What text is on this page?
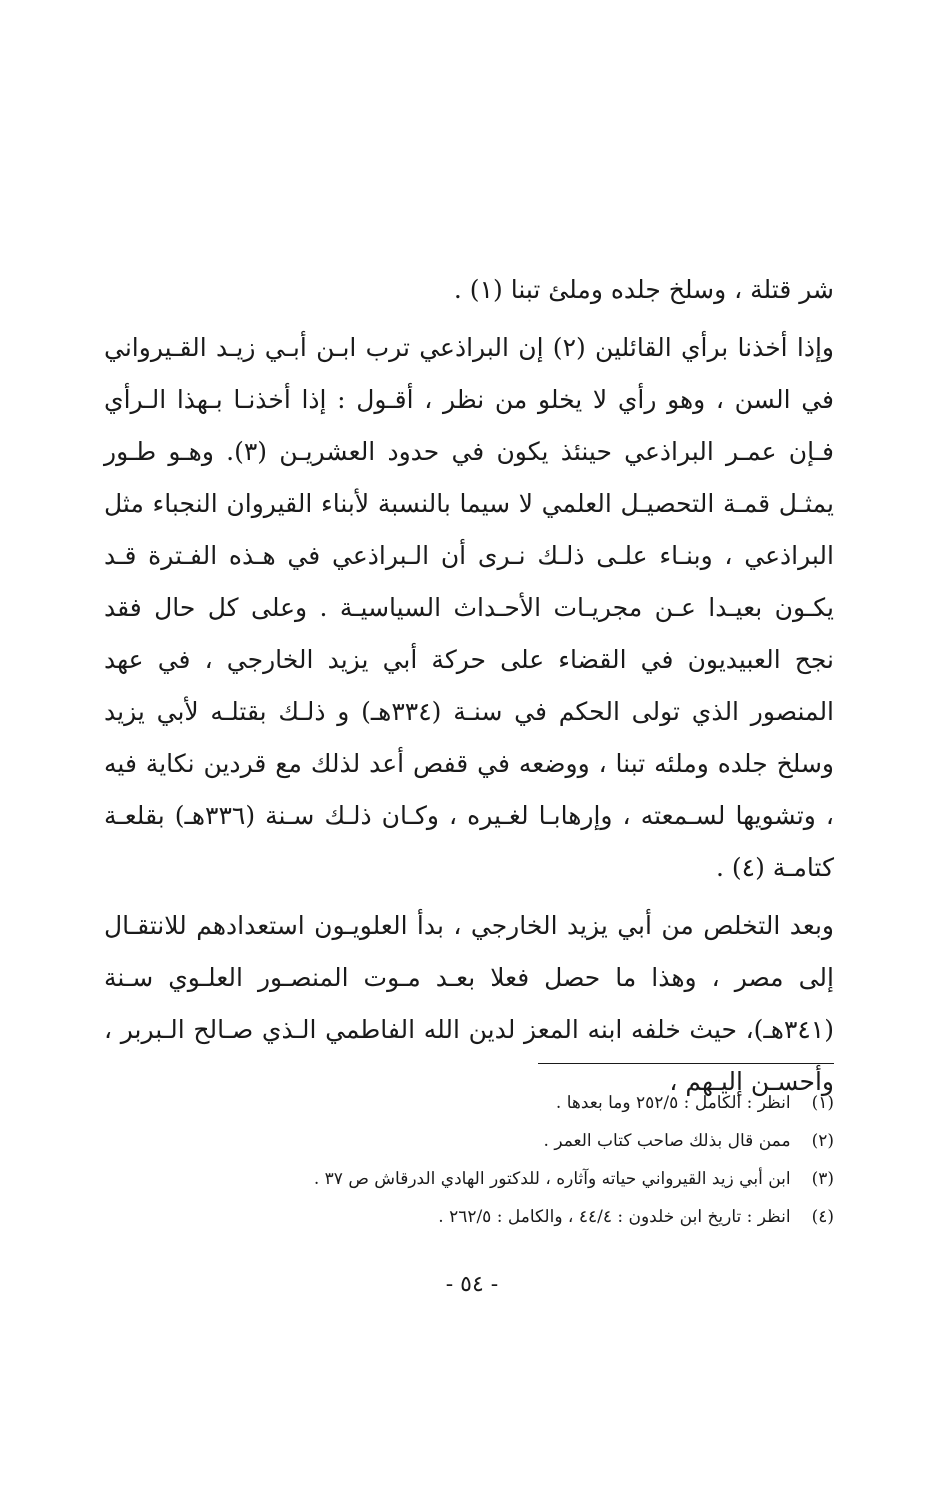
شر قتلة ، وسلخ جلده وملئ تبنا (١) .

وإذا أخذنا برأي القائلين (٢) إن البراذعي ترب ابـن أبـي زيـد القـيرواني في السن ، وهو رأي لا يخلو من نظر ، أقـول : إذا أخذنـا بـهذا الـرأي فـإن عمـر البراذعي حينئذ يكون في حدود العشريـن (٣). وهـو طـور يمثـل قمـة التحصيـل العلمي لا سيما بالنسبة لأبناء القيروان النجباء مثل البراذعي ، وبنـاء علـى ذلـك نـرى أن الـبراذعي في هـذه الفـترة قـد يكـون بعيـدا عـن مجريـات الأحـداث السياسيـة . وعلى كل حال فقد نجح العبيديون في القضاء على حركة أبي يزيد الخارجي ، في عهد المنصور الذي تولى الحكم في سنـة (٣٣٤هـ) و ذلـك بقتلـه لأبي يزيد وسلخ جلده وملئه تبنا ، ووضعه في قفص أعد لذلك مع قردين نكاية فيه ، وتشويها لسـمعته ، وإرهابـا لغـيره ، وكـان ذلـك سـنة (٣٣٦هـ) بقلعـة كتامـة (٤) .

وبعد التخلص من أبي يزيد الخارجي ، بدأ العلويـون استعدادهم للانتقـال إلى مصر ، وهذا ما حصل فعلا بعـد مـوت المنصـور العلـوي سـنة (٣٤١هـ)، حيث خلفه ابنه المعز لدين الله الفاطمي الـذي صـالح الـبربر ، وأحسـن إليـهم ،

(١) انظر : الكامل : ٢٥٢/٥ وما بعدها .
(٢) ممن قال بذلك صاحب كتاب العمر .
(٣) ابن أبي زيد القيرواني حياته وآثاره ، للدكتور الهادي الدرقاش ص ٣٧ .
(٤) انظر : تاريخ ابن خلدون : ٤٤/٤ ، والكامل : ٢٦٢/٥ .
- ٥٤ -
